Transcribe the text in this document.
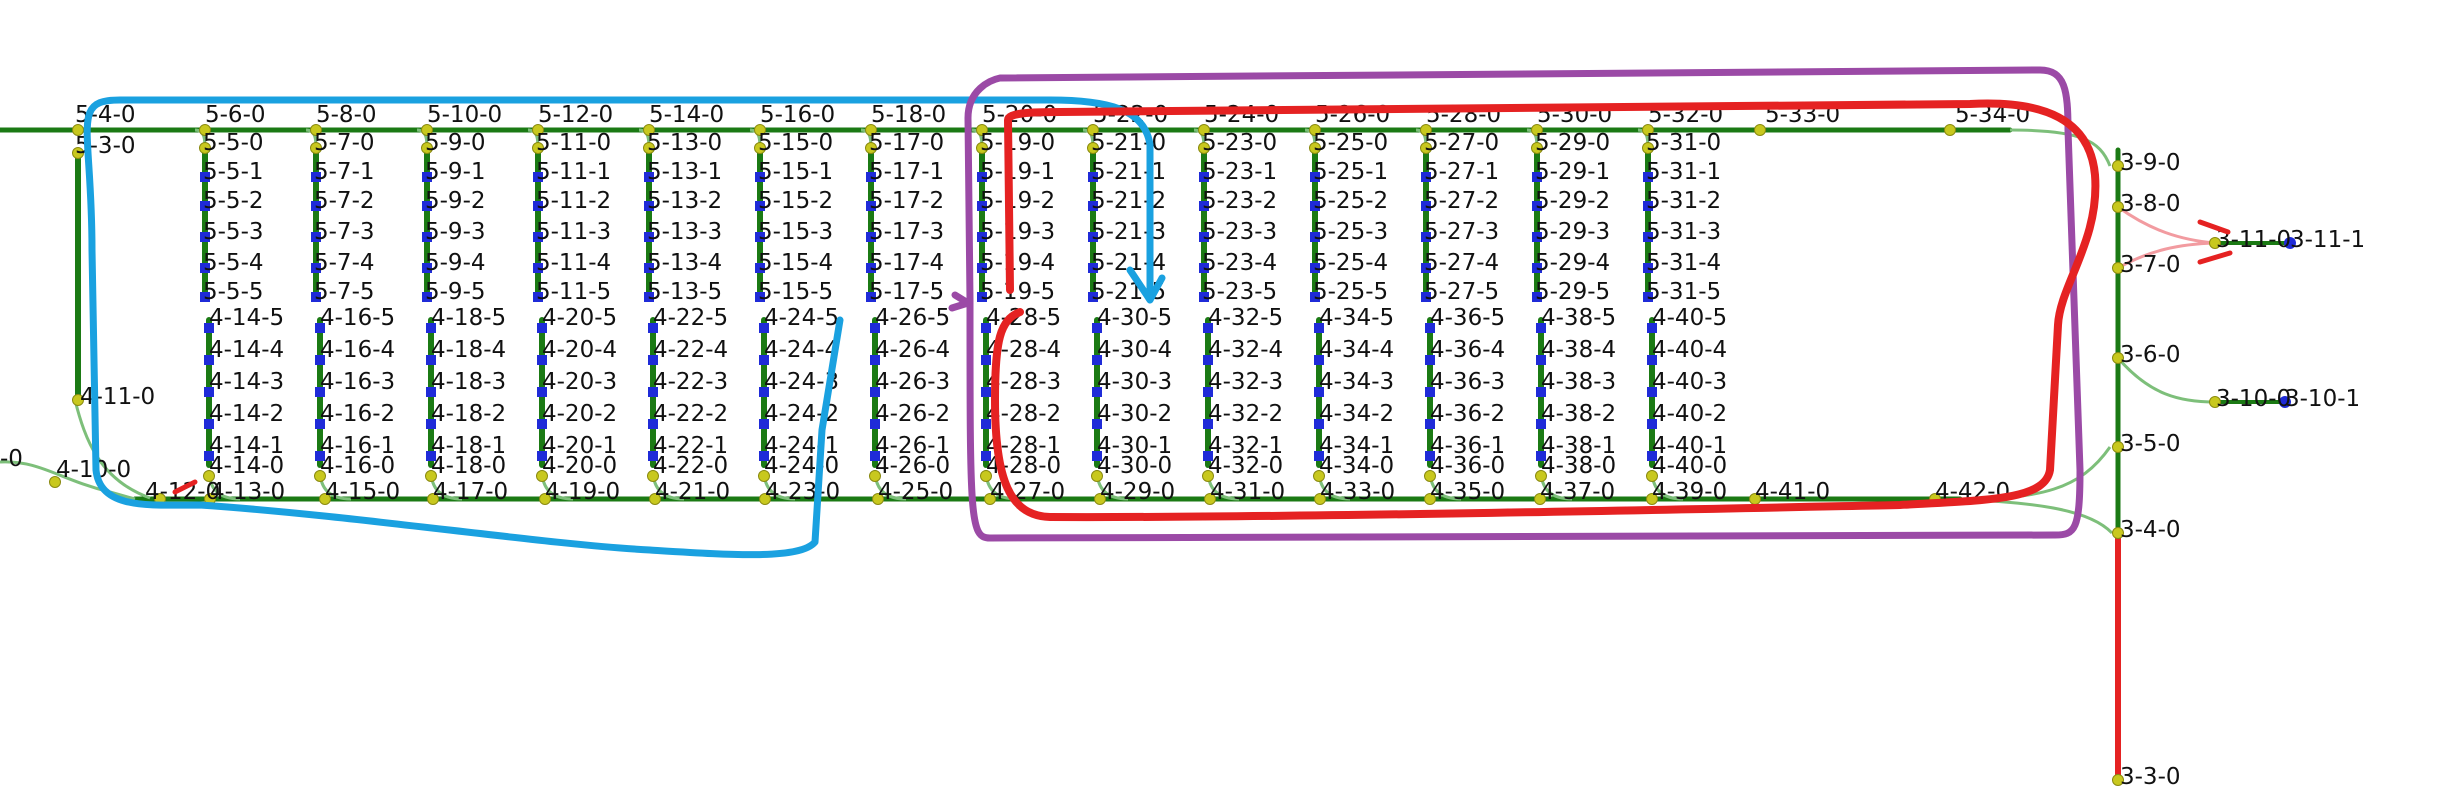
5-6-0
5-5-0
5-5-1
5-5-2
5-5-3
5-5-4
5-5-5
4-14-5
4-14-4
4-14-3
4-14-2
4-14-1
4-14-0
5-8-0
5-7-0
5-7-1
5-7-2
5-7-3
5-7-4
5-7-5
4-16-5
4-16-4
4-16-3
4-16-2
4-16-1
4-16-0
5-10-0
5-9-0
5-9-1
5-9-2
5-9-3
5-9-4
5-9-5
4-18-5
4-18-4
4-18-3
4-18-2
4-18-1
4-18-0
5-12-0
5-11-0
5-11-1
5-11-2
5-11-3
5-11-4
5-11-5
4-20-5
4-20-4
4-20-3
4-20-2
4-20-1
4-20-0
5-14-0
5-13-0
5-13-1
5-13-2
5-13-3
5-13-4
5-13-5
4-22-5
4-22-4
4-22-3
4-22-2
4-22-1
4-22-0
5-16-0
5-15-0
5-15-1
5-15-2
5-15-3
5-15-4
5-15-5
4-24-5
4-24-4
4-24-3
4-24-2
4-24-1
4-24-0
5-18-0
5-17-0
5-17-1
5-17-2
5-17-3
5-17-4
5-17-5
4-26-5
4-26-4
4-26-3
4-26-2
4-26-1
4-26-0
5-20-0
5-19-0
5-19-1
5-19-2
5-19-3
5-19-4
5-19-5
4-28-5
4-28-4
4-28-3
4-28-2
4-28-1
4-28-0
5-22-0
5-21-0
5-21-1
5-21-2
5-21-3
5-21-4
5-21-5
4-30-5
4-30-4
4-30-3
4-30-2
4-30-1
4-30-0
5-24-0
5-23-0
5-23-1
5-23-2
5-23-3
5-23-4
5-23-5
4-32-5
4-32-4
4-32-3
4-32-2
4-32-1
4-32-0
5-26-0
5-25-0
5-25-1
5-25-2
5-25-3
5-25-4
5-25-5
4-34-5
4-34-4
4-34-3
4-34-2
4-34-1
4-34-0
5-28-0
5-27-0
5-27-1
5-27-2
5-27-3
5-27-4
5-27-5
4-36-5
4-36-4
4-36-3
4-36-2
4-36-1
4-36-0
5-30-0
5-29-0
5-29-1
5-29-2
5-29-3
5-29-4
5-29-5
4-38-5
4-38-4
4-38-3
4-38-2
4-38-1
4-38-0
5-32-0
5-31-0
5-31-1
5-31-2
5-31-3
5-31-4
5-31-5
4-40-5
4-40-4
4-40-3
4-40-2
4-40-1
4-40-0
5-4-0
5-3-0
5-33-0	5-34-0
4-12-0
4-13-0 4-15-0 4-17-0 4-19-0 4-21-0 4-23-0 4-25-0 4-27-0 4-29-0 4-31-0 4-33-0 4-35-0 4-37-0 4-39-0 4-41-0	4-42-0
-0 4-10-0
4-11-0
3-9-0
3-8-0
3-7-0
3-6-0
3-5-0
3-4-0
3-3-0
3-11-0
3-11-1
3-10-0
3-10-1
